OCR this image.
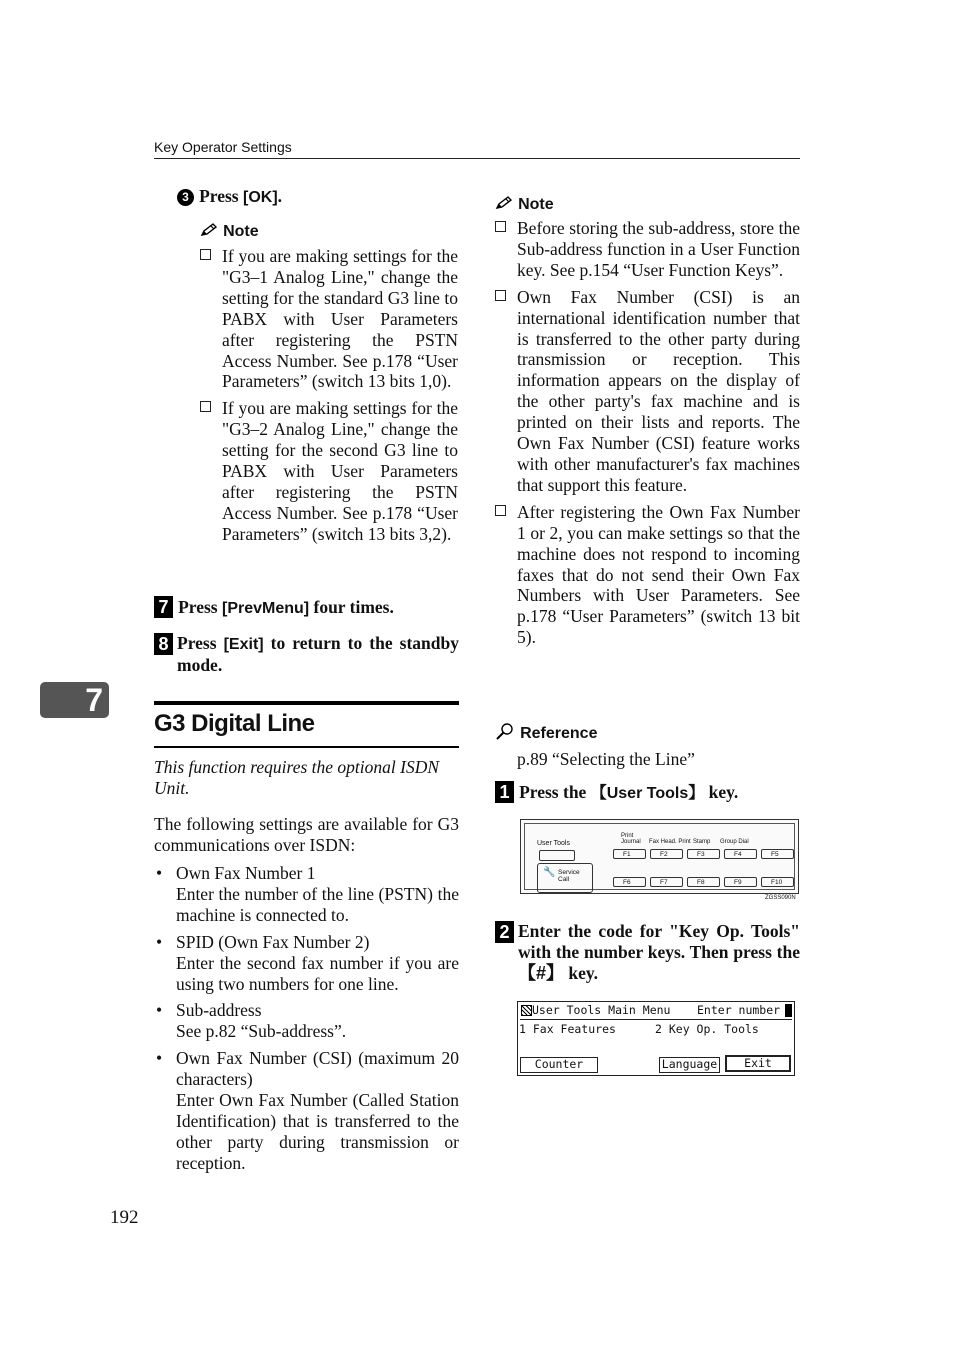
Key Operator Settings
7
192
3 Press [OK].
Note
If you are making settings for the "G3–1 Analog Line," change the setting for the standard G3 line to PABX with User Parameters after registering the PSTN Access Number. See p.178 “User Parameters” (switch 13 bits 1,0).
If you are making settings for the "G3–2 Analog Line," change the setting for the second G3 line to PABX with User Parameters after registering the PSTN Access Number. See p.178 “User Parameters” (switch 13 bits 3,2).
7 Press [PrevMenu] four times.
8 Press [Exit] to return to the standby mode.
G3 Digital Line
This function requires the optional ISDN Unit.
The following settings are available for G3 communications over ISDN:
• Own Fax Number 1
Enter the number of the line (PSTN) the machine is connected to.
• SPID (Own Fax Number 2)
Enter the second fax number if you are using two numbers for one line.
• Sub-address
See p.82 “Sub-address”.
• Own Fax Number (CSI) (maximum 20 characters)
Enter Own Fax Number (Called Station Identification) that is transferred to the other party during transmission or reception.
Note
Before storing the sub-address, store the Sub-address function in a User Function key. See p.154 “User Function Keys”.
Own Fax Number (CSI) is an international identification number that is transferred to the other party during transmission or reception. This information appears on the display of the other party's fax machine and is printed on their lists and reports. The Own Fax Number (CSI) feature works with other manufacturer's fax machines that support this feature.
After registering the Own Fax Number 1 or 2, you can make settings so that the machine does not respond to incoming faxes that do not send their Own Fax Numbers with User Parameters. See p.178 “User Parameters” (switch 13 bit 5).
Reference
p.89 “Selecting the Line”
1 Press the 【User Tools】 key.
User Tools
Service Call
🔧
Print Journal	Fax Head. Print Stamp Group Dial
F1	F2	F3	F4	F5
F6	F7	F8	F9	F10
ZGSS090N
2 Enter the code for "Key Op. Tools" with the number keys. Then press the 【#】 key.
User Tools Main Menu Enter number
1 Fax Features	2 Key Op. Tools
Counter	Language	Exit
